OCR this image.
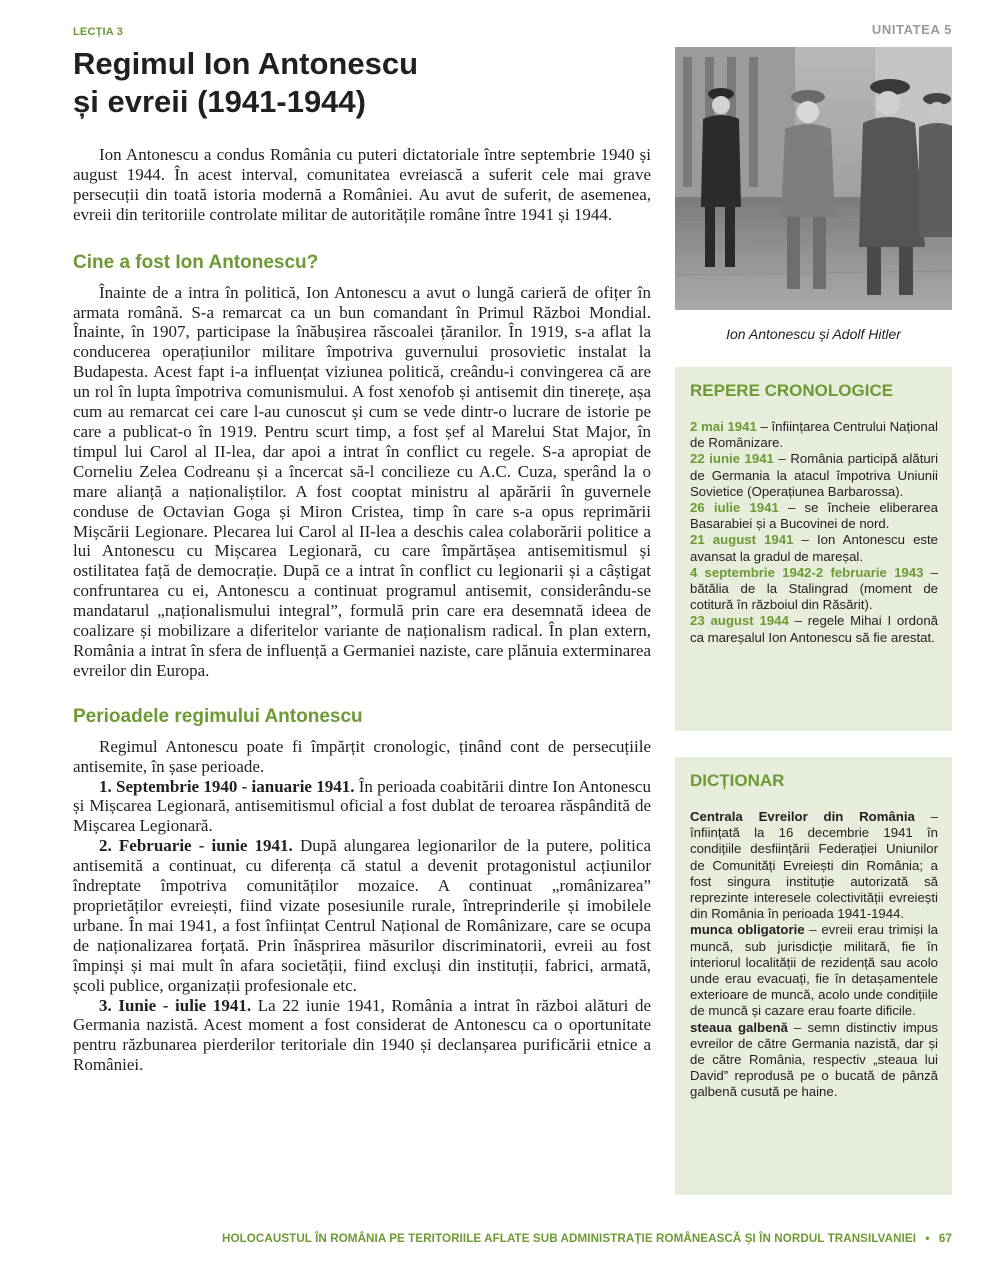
LECȚIA 3	UNITATEA 5
Regimul Ion Antonescu
și evreii (1941-1944)

Ion Antonescu a condus România cu puteri dictatoriale între septembrie 1940 și august 1944. În acest interval, comunitatea evreiască a suferit cele mai grave persecuții din toată istoria modernă a României. Au avut de suferit, de asemenea, evreii din teritoriile controlate militar de autoritățile române între 1941 și 1944.

Cine a fost Ion Antonescu?

Înainte de a intra în politică, Ion Antonescu a avut o lungă carieră de ofițer în armata română. S-a remarcat ca un bun comandant în Primul Război Mondial. Înainte, în 1907, participase la înăbușirea răscoalei țăranilor. În 1919, s-a aflat la conducerea operațiunilor militare împotriva guvernului prosovietic instalat la Budapesta. Acest fapt i-a influențat viziunea politică, creându-i convingerea că are un rol în lupta împotriva comunismului. A fost xenofob și antisemit din tinerețe, așa cum au remarcat cei care l-au cunoscut și cum se vede dintr-o lucrare de istorie pe care a publicat-o în 1919. Pentru scurt timp, a fost șef al Marelui Stat Major, în timpul lui Carol al II-lea, dar apoi a intrat în conflict cu regele. S-a apropiat de Corneliu Zelea Codreanu și a încercat să-l concilieze cu A.C. Cuza, sperând la o mare alianță a naționaliștilor. A fost cooptat ministru al apărării în guvernele conduse de Octavian Goga și Miron Cristea, timp în care s-a opus reprimării Mișcării Legionare. Plecarea lui Carol al II-lea a deschis calea colaborării politice a lui Antonescu cu Mișcarea Legionară, cu care împărtășea antisemitismul și ostilitatea față de democrație. După ce a intrat în conflict cu legionarii și a câștigat confruntarea cu ei, Antonescu a continuat programul antisemit, considerându-se mandatarul „naționalismului integral”, formulă prin care era desemnată ideea de coalizare și mobilizare a diferitelor variante de naționalism radical. În plan extern, România a intrat în sfera de influență a Germaniei naziste, care plănuia exterminarea evreilor din Europa.

Perioadele regimului Antonescu

Regimul Antonescu poate fi împărțit cronologic, ținând cont de persecuțiile antisemite, în șase perioade.

1. Septembrie 1940 - ianuarie 1941. În perioada coabitării dintre Ion Antonescu și Mișcarea Legionară, antisemitismul oficial a fost dublat de teroarea răspândită de Mișcarea Legionară.

2. Februarie - iunie 1941. După alungarea legionarilor de la putere, politica antisemită a continuat, cu diferența că statul a devenit protagonistul acțiunilor îndreptate împotriva comunităților mozaice. A continuat „românizarea” proprietăților evreiești, fiind vizate posesiunile rurale, întreprinderile și imobilele urbane. În mai 1941, a fost înființat Centrul Național de Românizare, care se ocupa de naționalizarea forțată. Prin înăsprirea măsurilor discriminatorii, evreii au fost împinși și mai mult în afara societății, fiind excluși din instituții, fabrici, armată, școli publice, organizații profesionale etc.

3. Iunie - iulie 1941. La 22 iunie 1941, România a intrat în război alături de Germania nazistă. Acest moment a fost considerat de Antonescu ca o oportunitate pentru răzbunarea pierderilor teritoriale din 1940 și declanșarea purificării etnice a României.

Ion Antonescu și Adolf Hitler
REPERE CRONOLOGICE

2 mai 1941 – înființarea Centrului Național de Românizare.

22 iunie 1941 – România participă alături de Germania la atacul împotriva Uniunii Sovietice (Operațiunea Barbarossa).

26 iulie 1941 – se încheie eliberarea Basarabiei și a Bucovinei de nord.

21 august 1941 – Ion Antonescu este avansat la gradul de mareșal.

4 septembrie 1942-2 februarie 1943 – bătălia de la Stalingrad (moment de cotitură în războiul din Răsărit).

23 august 1944 – regele Mihai I ordonă ca mareșalul Ion Antonescu să fie arestat.

DICȚIONAR

Centrala Evreilor din România – înființată la 16 decembrie 1941 în condițiile desființării Federației Uniunilor de Comunități Evreiești din România; a fost singura instituție autorizată să reprezinte interesele colectivității evreiești din România în perioada 1941-1944.

munca obligatorie – evreii erau trimiși la muncă, sub jurisdicție militară, fie în interiorul localității de rezidență sau acolo unde erau evacuați, fie în detașamentele exterioare de muncă, acolo unde condițiile de muncă și cazare erau foarte dificile.

steaua galbenă – semn distinctiv impus evreilor de către Germania nazistă, dar și de către România, respectiv „steaua lui David” reprodusă pe o bucată de pânză galbenă cusută pe haine.

HOLOCAUSTUL ÎN ROMÂNIA PE TERITORIILE AFLATE SUB ADMINISTRAȚIE ROMÂNEASCĂ ȘI ÎN NORDUL TRANSILVANIEI • 67
